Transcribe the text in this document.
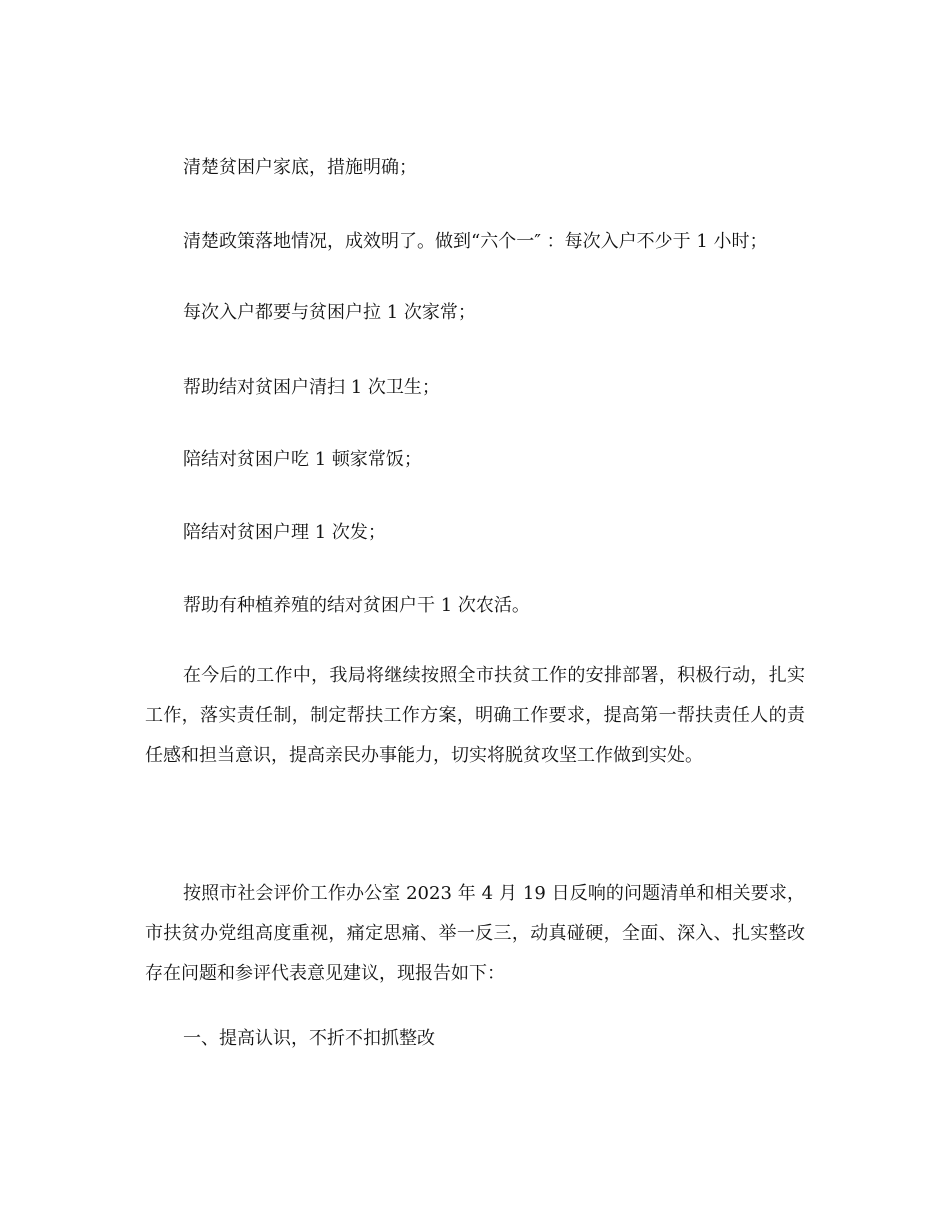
清楚贫困户家底，措施明确；
清楚政策落地情况，成效明了。做到“六个一″ ：每次入户不少于 1 小时；
每次入户都要与贫困户拉 1 次家常；
帮助结对贫困户清扫 1 次卫生；
陪结对贫困户吃 1 顿家常饭；
陪结对贫困户理 1 次发；
帮助有种植养殖的结对贫困户干 1 次农活。
在今后的工作中，我局将继续按照全市扶贫工作的安排部署，积极行动，扎实工作，落实责任制，制定帮扶工作方案，明确工作要求，提高第一帮扶责任人的责任感和担当意识，提高亲民办事能力，切实将脱贫攻坚工作做到实处。
按照市社会评价工作办公室 2023 年 4 月 19 日反响的问题清单和相关要求，市扶贫办党组高度重视，痛定思痛、举一反三，动真碰硬，全面、深入、扎实整改存在问题和参评代表意见建议，现报告如下：
一、提高认识，不折不扣抓整改
